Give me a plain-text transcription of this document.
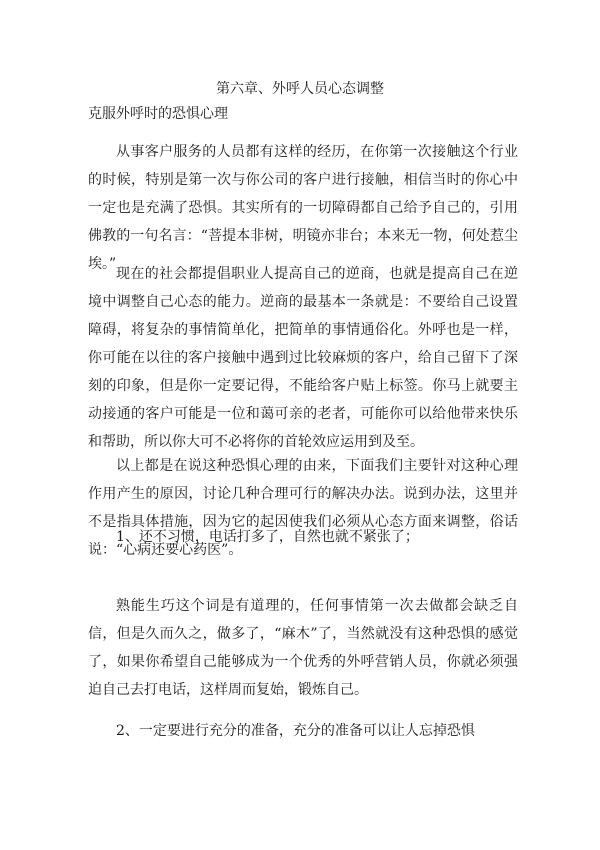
第六章、外呼人员心态调整
克服外呼时的恐惧心理

从事客户服务的人员都有这样的经历，在你第一次接触这个行业的时候，特别是第一次与你公司的客户进行接触，相信当时的你心中一定也是充满了恐惧。其实所有的一切障碍都自己给予自己的，引用佛教的一句名言：“菩提本非树，明镜亦非台；本来无一物，何处惹尘埃。”

现在的社会都提倡职业人提高自己的逆商，也就是提高自己在逆境中调整自己心态的能力。逆商的最基本一条就是：不要给自己设置障碍，将复杂的事情简单化，把简单的事情通俗化。外呼也是一样，你可能在以往的客户接触中遇到过比较麻烦的客户，给自己留下了深刻的印象，但是你一定要记得，不能给客户贴上标签。你马上就要主动接通的客户可能是一位和蔼可亲的老者，可能你可以给他带来快乐和帮助，所以你大可不必将你的首轮效应运用到及至。

以上都是在说这种恐惧心理的由来，下面我们主要针对这种心理作用产生的原因，讨论几种合理可行的解决办法。说到办法，这里并不是指具体措施，因为它的起因使我们必须从心态方面来调整，俗话说：“心病还要心药医”。

1、还不习惯，电话打多了，自然也就不紧张了；

熟能生巧这个词是有道理的，任何事情第一次去做都会缺乏自信，但是久而久之，做多了，“麻木”了，当然就没有这种恐惧的感觉了，如果你希望自己能够成为一个优秀的外呼营销人员，你就必须强迫自己去打电话，这样周而复始，锻炼自己。

2、一定要进行充分的准备，充分的准备可以让人忘掉恐惧
